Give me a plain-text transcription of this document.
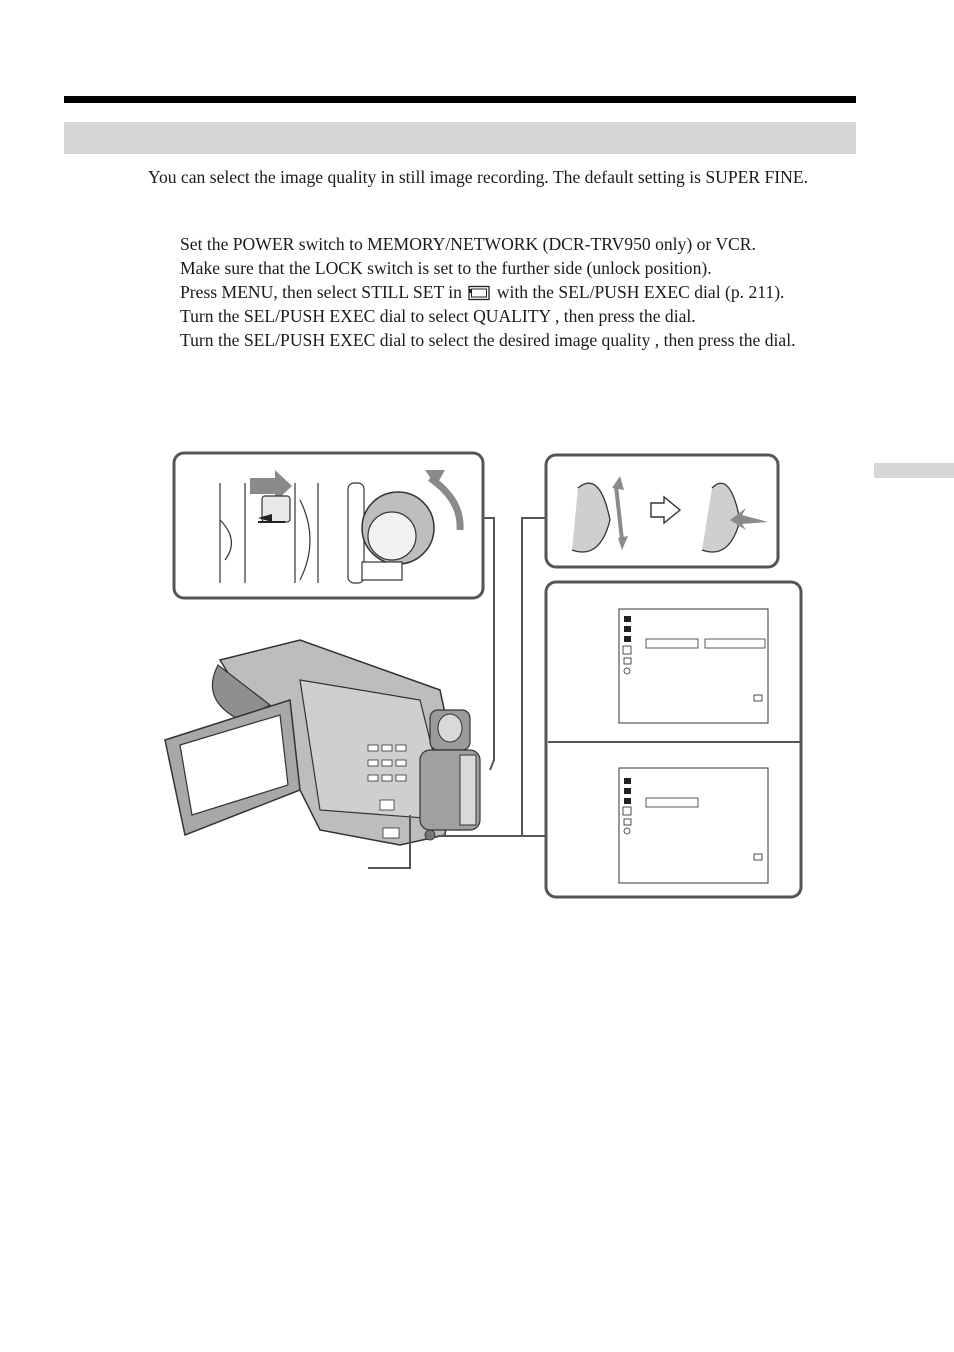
You can select the image quality in still image recording. The default setting is SUPER FINE.

Set the POWER switch to MEMORY/NETWORK (DCR-TRV950 only) or VCR.
Make sure that the LOCK switch is set to the further side (unlock position).
Press MENU, then select STILL SET in with the SEL/PUSH EXEC dial (p. 211).
Turn the SEL/PUSH EXEC dial to select QUALITY , then press the dial.
Turn the SEL/PUSH EXEC dial to select the desired image quality , then press the dial.
